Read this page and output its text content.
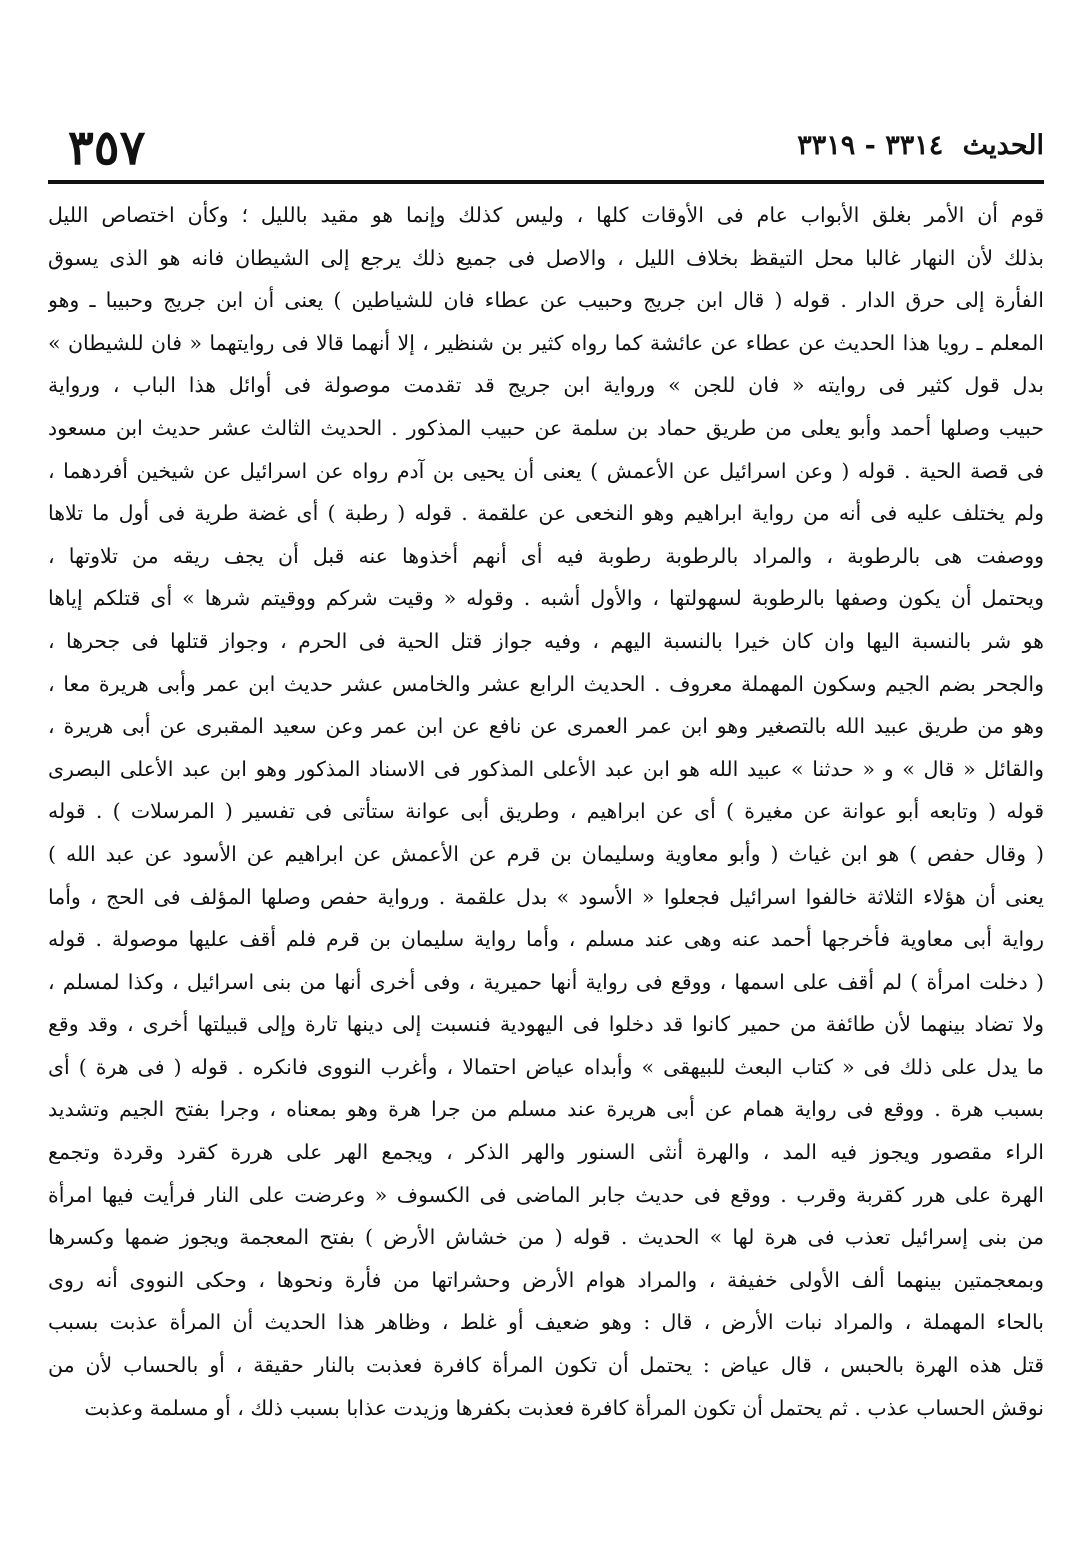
٣٥٧	الحديث ٣٣١٤ - ٣٣١٩
قوم أن الأمر بغلق الأبواب عام فى الأوقات كلها ، وليس كذلك وإنما هو مقيد بالليل ؛ وكأن اختصاص الليل
بذلك لأن النهار غالبا محل التيقظ بخلاف الليل ، والاصل فى جميع ذلك يرجع إلى الشيطان فانه هو الذى يسوق
الفأرة إلى حرق الدار . قوله ( قال ابن جريج وحبيب عن عطاء فان للشياطين ) يعنى أن ابن جريج وحبيبا ـ وهو
المعلم ـ رويا هذا الحديث عن عطاء عن عائشة كما رواه كثير بن شنظير ، إلا أنهما قالا فى روايتهما « فان للشيطان »
بدل قول كثير فى روايته « فان للجن » ورواية ابن جريج قد تقدمت موصولة فى أوائل هذا الباب ، ورواية
حبيب وصلها أحمد وأبو يعلى من طريق حماد بن سلمة عن حبيب المذكور . الحديث الثالث عشر حديث ابن مسعود
فى قصة الحية . قوله ( وعن اسرائيل عن الأعمش ) يعنى أن يحيى بن آدم رواه عن اسرائيل عن شيخين أفردهما ،
ولم يختلف عليه فى أنه من رواية ابراهيم وهو النخعى عن علقمة . قوله ( رطبة ) أى غضة طرية فى أول ما تلاها
ووصفت هى بالرطوبة ، والمراد بالرطوبة رطوبة فيه أى أنهم أخذوها عنه قبل أن يجف ريقه من تلاوتها ،
ويحتمل أن يكون وصفها بالرطوبة لسهولتها ، والأول أشبه . وقوله « وقيت شركم ووقيتم شرها » أى قتلكم إياها
هو شر بالنسبة اليها وان كان خيرا بالنسبة اليهم ، وفيه جواز قتل الحية فى الحرم ، وجواز قتلها فى جحرها ،
والجحر بضم الجيم وسكون المهملة معروف . الحديث الرابع عشر والخامس عشر حديث ابن عمر وأبى هريرة معا ،
وهو من طريق عبيد الله بالتصغير وهو ابن عمر العمرى عن نافع عن ابن عمر وعن سعيد المقبرى عن أبى هريرة ،
والقائل « قال » و « حدثنا » عبيد الله هو ابن عبد الأعلى المذكور فى الاسناد المذكور وهو ابن عبد الأعلى البصرى
قوله ( وتابعه أبو عوانة عن مغيرة ) أى عن ابراهيم ، وطريق أبى عوانة ستأتى فى تفسير ( المرسلات ) . قوله
( وقال حفص ) هو ابن غياث ( وأبو معاوية وسليمان بن قرم عن الأعمش عن ابراهيم عن الأسود عن عبد الله )
يعنى أن هؤلاء الثلاثة خالفوا اسرائيل فجعلوا « الأسود » بدل علقمة . ورواية حفص وصلها المؤلف فى الحج ، وأما
رواية أبى معاوية فأخرجها أحمد عنه وهى عند مسلم ، وأما رواية سليمان بن قرم فلم أقف عليها موصولة . قوله
( دخلت امرأة ) لم أقف على اسمها ، ووقع فى رواية أنها حميرية ، وفى أخرى أنها من بنى اسرائيل ، وكذا لمسلم ،
ولا تضاد بينهما لأن طائفة من حمير كانوا قد دخلوا فى اليهودية فنسبت إلى دينها تارة وإلى قبيلتها أخرى ، وقد وقع
ما يدل على ذلك فى « كتاب البعث للبيهقى » وأبداه عياض احتمالا ، وأغرب النووى فانكره . قوله ( فى هرة ) أى
بسبب هرة . ووقع فى رواية همام عن أبى هريرة عند مسلم من جرا هرة وهو بمعناه ، وجرا بفتح الجيم وتشديد
الراء مقصور ويجوز فيه المد ، والهرة أنثى السنور والهر الذكر ، ويجمع الهر على هررة كقرد وقردة وتجمع
الهرة على هرر كقربة وقرب . ووقع فى حديث جابر الماضى فى الكسوف « وعرضت على النار فرأيت فيها امرأة
من بنى إسرائيل تعذب فى هرة لها » الحديث . قوله ( من خشاش الأرض ) بفتح المعجمة ويجوز ضمها وكسرها
وبمعجمتين بينهما ألف الأولى خفيفة ، والمراد هوام الأرض وحشراتها من فأرة ونحوها ، وحكى النووى أنه روى
بالحاء المهملة ، والمراد نبات الأرض ، قال : وهو ضعيف أو غلط ، وظاهر هذا الحديث أن المرأة عذبت بسبب
قتل هذه الهرة بالحبس ، قال عياض : يحتمل أن تكون المرأة كافرة فعذبت بالنار حقيقة ، أو بالحساب لأن من
نوقش الحساب عذب . ثم يحتمل أن تكون المرأة كافرة فعذبت بكفرها وزيدت عذابا بسبب ذلك ، أو مسلمة وعذبت
